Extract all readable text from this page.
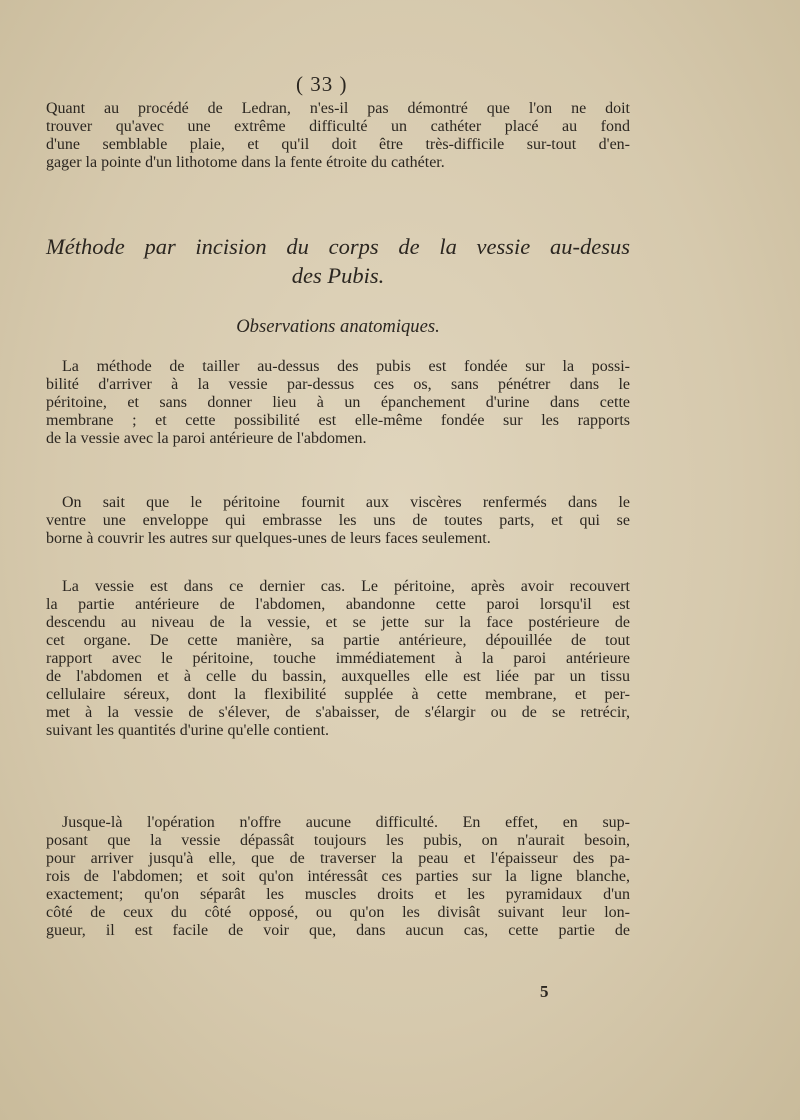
( 33 )
Quant au procédé de Ledran, n'es-il pas démontré que l'on ne doit
trouver qu'avec une extrême difficulté un cathéter placé au fond
d'une semblable plaie, et qu'il doit être très-difficile sur-tout d'en-
gager la pointe d'un lithotome dans la fente étroite du cathéter.
Méthode par incision du corps de la vessie au-desus
des Pubis.
Observations anatomiques.
La méthode de tailler au-dessus des pubis est fondée sur la possi-
bilité d'arriver à la vessie par-dessus ces os, sans pénétrer dans le
péritoine, et sans donner lieu à un épanchement d'urine dans cette
membrane ; et cette possibilité est elle-même fondée sur les rapports
de la vessie avec la paroi antérieure de l'abdomen.
On sait que le péritoine fournit aux viscères renfermés dans le
ventre une enveloppe qui embrasse les uns de toutes parts, et qui se
borne à couvrir les autres sur quelques-unes de leurs faces seulement.
La vessie est dans ce dernier cas. Le péritoine, après avoir recouvert
la partie antérieure de l'abdomen, abandonne cette paroi lorsqu'il est
descendu au niveau de la vessie, et se jette sur la face postérieure de
cet organe. De cette manière, sa partie antérieure, dépouillée de tout
rapport avec le péritoine, touche immédiatement à la paroi antérieure
de l'abdomen et à celle du bassin, auxquelles elle est liée par un tissu
cellulaire séreux, dont la flexibilité supplée à cette membrane, et per-
met à la vessie de s'élever, de s'abaisser, de s'élargir ou de se retrécir,
suivant les quantités d'urine qu'elle contient.
Jusque-là l'opération n'offre aucune difficulté. En effet, en sup-
posant que la vessie dépassât toujours les pubis, on n'aurait besoin,
pour arriver jusqu'à elle, que de traverser la peau et l'épaisseur des pa-
rois de l'abdomen; et soit qu'on intéressât ces parties sur la ligne blanche,
exactement; qu'on séparât les muscles droits et les pyramidaux d'un
côté de ceux du côté opposé, ou qu'on les divisât suivant leur lon-
gueur, il est facile de voir que, dans aucun cas, cette partie de
5
